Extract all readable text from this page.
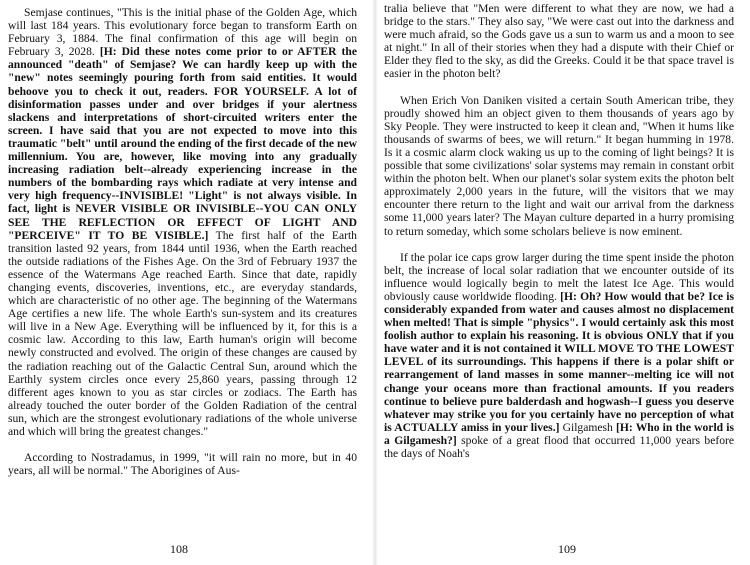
Semjase continues, "This is the initial phase of the Golden Age, which will last 184 years. This evolutionary force began to transform Earth on February 3, 1884. The final confirmation of this age will begin on February 3, 2028. [H: Did these notes come prior to or AFTER the announced "death" of Semjase? We can hardly keep up with the "new" notes seemingly pouring forth from said entities. It would behoove you to check it out, readers. FOR YOURSELF. A lot of disinformation passes under and over bridges if your alertness slackens and interpretations of short-circuited writers enter the screen. I have said that you are not expected to move into this traumatic "belt" until around the ending of the first decade of the new millennium. You are, however, like moving into any gradually increasing radiation belt--already experiencing increase in the numbers of the bombarding rays which radiate at very intense and very high frequency--INVISIBLE! "Light" is not always visible. In fact, light is NEVER VISIBLE OR INVISIBLE--YOU CAN ONLY SEE THE REFLECTION OR EFFECT OF LIGHT AND "PERCEIVE" IT TO BE VISIBLE.] The first half of the Earth transition lasted 92 years, from 1844 until 1936, when the Earth reached the outside radiations of the Fishes Age. On the 3rd of February 1937 the essence of the Watermans Age reached Earth. Since that date, rapidly changing events, discoveries, inventions, etc., are everyday standards, which are characteristic of no other age. The beginning of the Watermans Age certifies a new life. The whole Earth's sun-system and its creatures will live in a New Age. Everything will be influenced by it, for this is a cosmic law. According to this law, Earth human's origin will become newly constructed and evolved. The origin of these changes are caused by the radiation reaching out of the Galactic Central Sun, around which the Earthly system circles once every 25,860 years, passing through 12 different ages known to you as star circles or zodiacs. The Earth has already touched the outer border of the Golden Radiation of the central sun, which are the strongest evolutionary radiations of the whole universe and which will bring the greatest changes."

According to Nostradamus, in 1999, "it will rain no more, but in 40 years, all will be normal." The Aborigines of Aus-

108

tralia believe that "Men were different to what they are now, we had a bridge to the stars." They also say, "We were cast out into the darkness and were much afraid, so the Gods gave us a sun to warm us and a moon to see at night." In all of their stories when they had a dispute with their Chief or Elder they fled to the sky, as did the Greeks. Could it be that space travel is easier in the photon belt?

When Erich Von Daniken visited a certain South American tribe, they proudly showed him an object given to them thousands of years ago by Sky People. They were instructed to keep it clean and, "When it hums like thousands of swarms of bees, we will return." It began humming in 1978. Is it a cosmic alarm clock waking us up to the coming of light beings? It is possible that some civilizations' solar systems may remain in constant orbit within the photon belt. When our planet's solar system exits the photon belt approximately 2,000 years in the future, will the visitors that we may encounter there return to the light and wait our arrival from the darkness some 11,000 years later? The Mayan culture departed in a hurry promising to return someday, which some scholars believe is now eminent.

If the polar ice caps grow larger during the time spent inside the photon belt, the increase of local solar radiation that we encounter outside of its influence would logically begin to melt the latest Ice Age. This would obviously cause worldwide flooding. [H: Oh? How would that be? Ice is considerably expanded from water and causes almost no displacement when melted! That is simple "physics". I would certainly ask this most foolish author to explain his reasoning. It is obvious ONLY that if you have water and it is not contained it WILL MOVE TO THE LOWEST LEVEL of its surroundings. This happens if there is a polar shift or rearrangement of land masses in some manner--melting ice will not change your oceans more than fractional amounts. If you readers continue to believe pure balderdash and hogwash--I guess you deserve whatever may strike you for you certainly have no perception of what is ACTUALLY amiss in your lives.] Gilgamesh [H: Who in the world is a Gilgamesh?] spoke of a great flood that occurred 11,000 years before the days of Noah's

109
